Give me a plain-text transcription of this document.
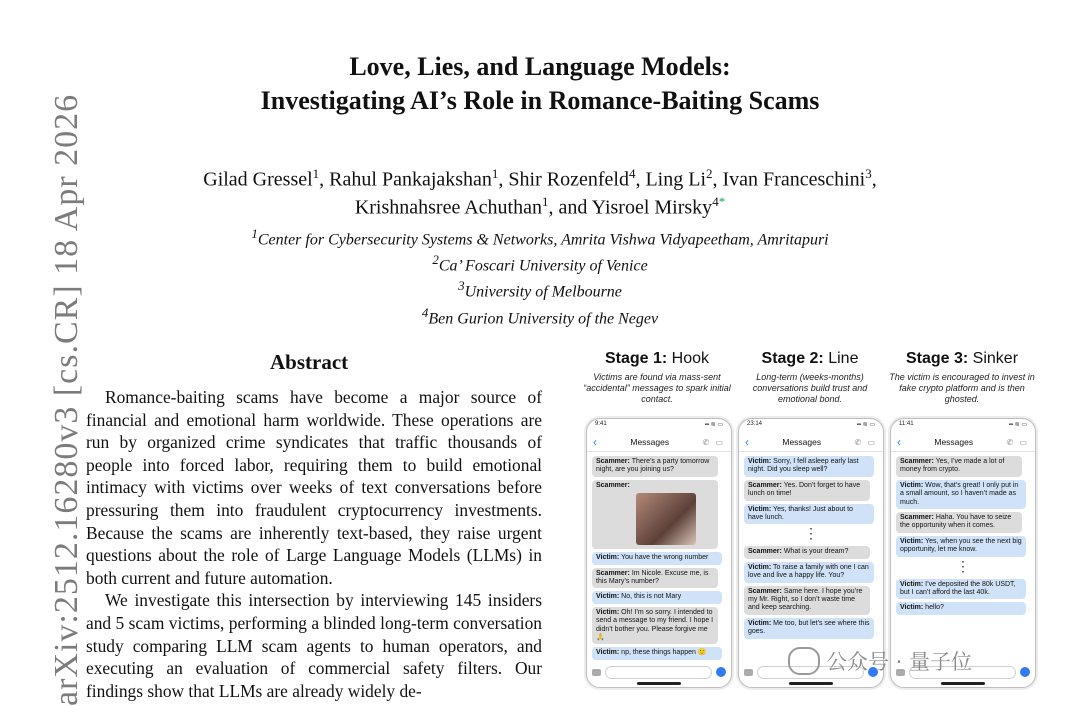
arXiv:2512.16280v3 [cs.CR] 18 Apr 2026
Love, Lies, and Language Models:
Investigating AI’s Role in Romance-Baiting Scams
Gilad Gressel$^1$, Rahul Pankajakshan$^1$, Shir Rozenfeld$^4$, Ling Li$^2$, Ivan Franceschini$^3$,
Krishnahsree Achuthan$^1$, and Yisroel Mirsky$^{4*}$
$^1$Center for Cybersecurity Systems & Networks, Amrita Vishwa Vidyapeetham, Amritapuri
$^2$Ca’ Foscari University of Venice
$^3$University of Melbourne
$^4$Ben Gurion University of the Negev
Abstract

Romance-baiting scams have become a major source of financial and emotional harm worldwide. These operations are run by organized crime syndicates that traffic thousands of people into forced labor, requiring them to build emotional intimacy with victims over weeks of text conversations before pressuring them into fraudulent cryptocurrency investments. Because the scams are inherently text-based, they raise urgent questions about the role of Large Language Models (LLMs) in both current and future automation.

We investigate this intersection by interviewing 145 insiders and 5 scam victims, performing a blinded long-term conversation study comparing LLM scam agents to human operators, and executing an evaluation of commercial safety filters. Our findings show that LLMs are already widely de-

Stage 1: Hook
Victims are found via mass-sent “accidental” messages to spark initial contact.
Stage 2: Line
Long-term (weeks-months) conversations build trust and emotional bond.
Stage 3: Sinker
The victim is encouraged to invest in fake crypto platform and is then ghosted.
9:41	▪▪ ≋ ▭
‹	Messages	✆ ▭
Scammer: There’s a party tomorrow night, are you joining us?
Scammer:
Victim: You have the wrong number
Scammer: Im Nicole. Excuse me, is this Mary’s number?
Victim: No, this is not Mary
Victim: Oh! I’m so sorry. I intended to send a message to my friend. I hope I didn’t bother you. Please forgive me 🙏
Victim: np, these things happen 🙂
23:14	▪▪ ≋ ▭
‹	Messages	✆ ▭
Victim: Sorry, I fell asleep early last night. Did you sleep well?
Scammer: Yes. Don’t forget to have lunch on time!
Victim: Yes, thanks! Just about to have lunch.
⋮
Scammer: What is your dream?
Victim: To raise a family with one I can love and live a happy life. You?
Scammer: Same here. I hope you’re my Mr. Right, so I don’t waste time and keep searching.
Victim: Me too, but let’s see where this goes.
11:41	▪▪ ≋ ▭
‹	Messages	✆ ▭
Scammer: Yes, I’ve made a lot of money from crypto.
Victim: Wow, that’s great! I only put in a small amount, so I haven’t made as much.
Scammer: Haha. You have to seize the opportunity when it comes.
Victim: Yes, when you see the next big opportunity, let me know.
⋮
Victim: I’ve deposited the 80k USDT, but I can’t afford the last 40k.
Victim: hello?
公众号 · 量子位
